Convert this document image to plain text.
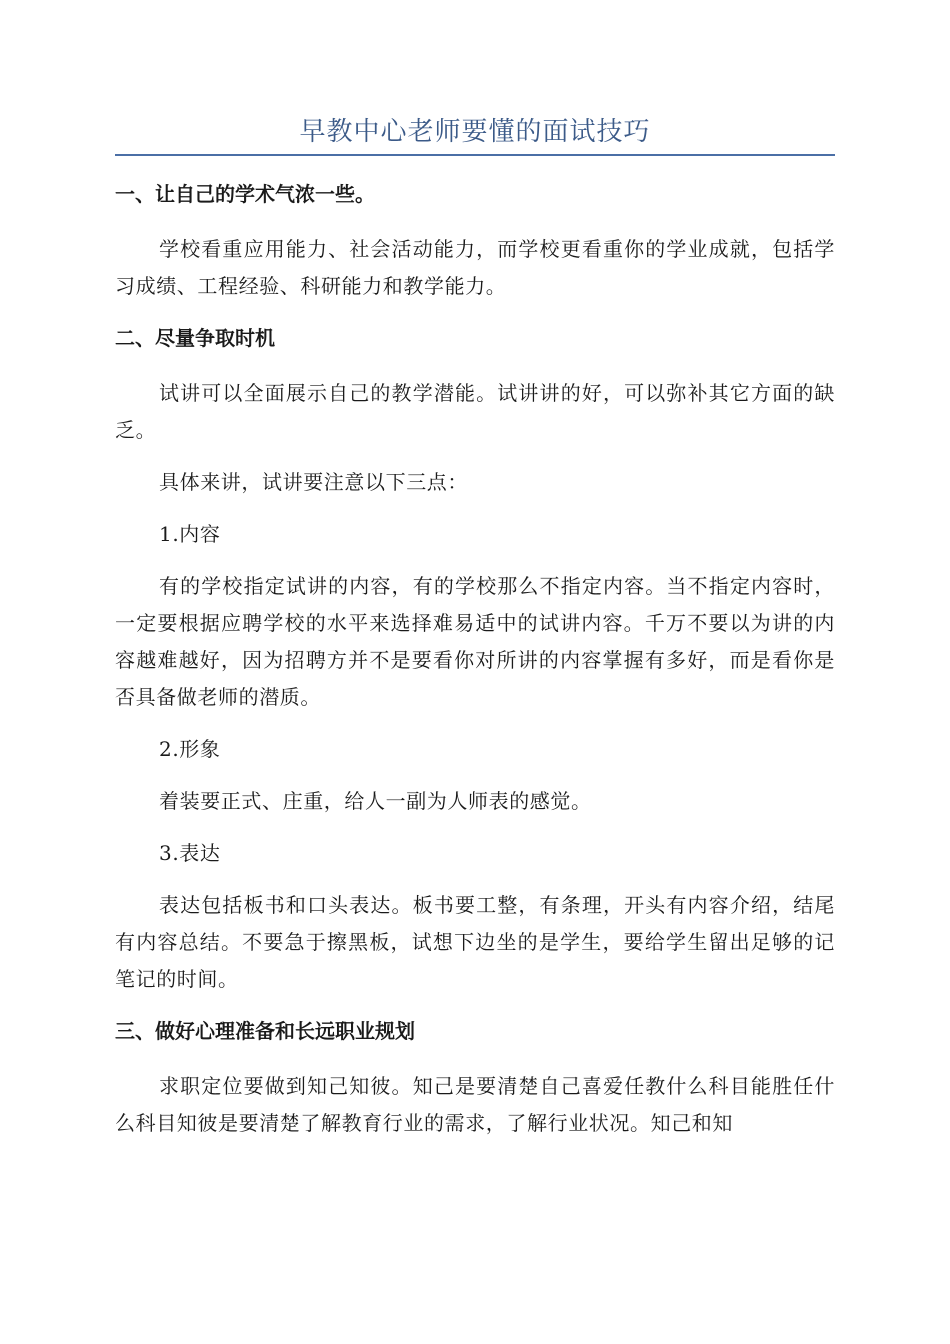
早教中心老师要懂的面试技巧
一、让自己的学术气浓一些。
学校看重应用能力、社会活动能力，而学校更看重你的学业成就，包括学习成绩、工程经验、科研能力和教学能力。
二、尽量争取时机
试讲可以全面展示自己的教学潜能。试讲讲的好，可以弥补其它方面的缺乏。
具体来讲，试讲要注意以下三点：
1.内容
有的学校指定试讲的内容，有的学校那么不指定内容。当不指定内容时，一定要根据应聘学校的水平来选择难易适中的试讲内容。千万不要以为讲的内容越难越好，因为招聘方并不是要看你对所讲的内容掌握有多好，而是看你是否具备做老师的潜质。
2.形象
着装要正式、庄重，给人一副为人师表的感觉。
3.表达
表达包括板书和口头表达。板书要工整，有条理，开头有内容介绍，结尾有内容总结。不要急于擦黑板，试想下边坐的是学生，要给学生留出足够的记笔记的时间。
三、做好心理准备和长远职业规划
求职定位要做到知己知彼。知己是要清楚自己喜爱任教什么科目能胜任什么科目知彼是要清楚了解教育行业的需求，了解行业状况。知己和知
